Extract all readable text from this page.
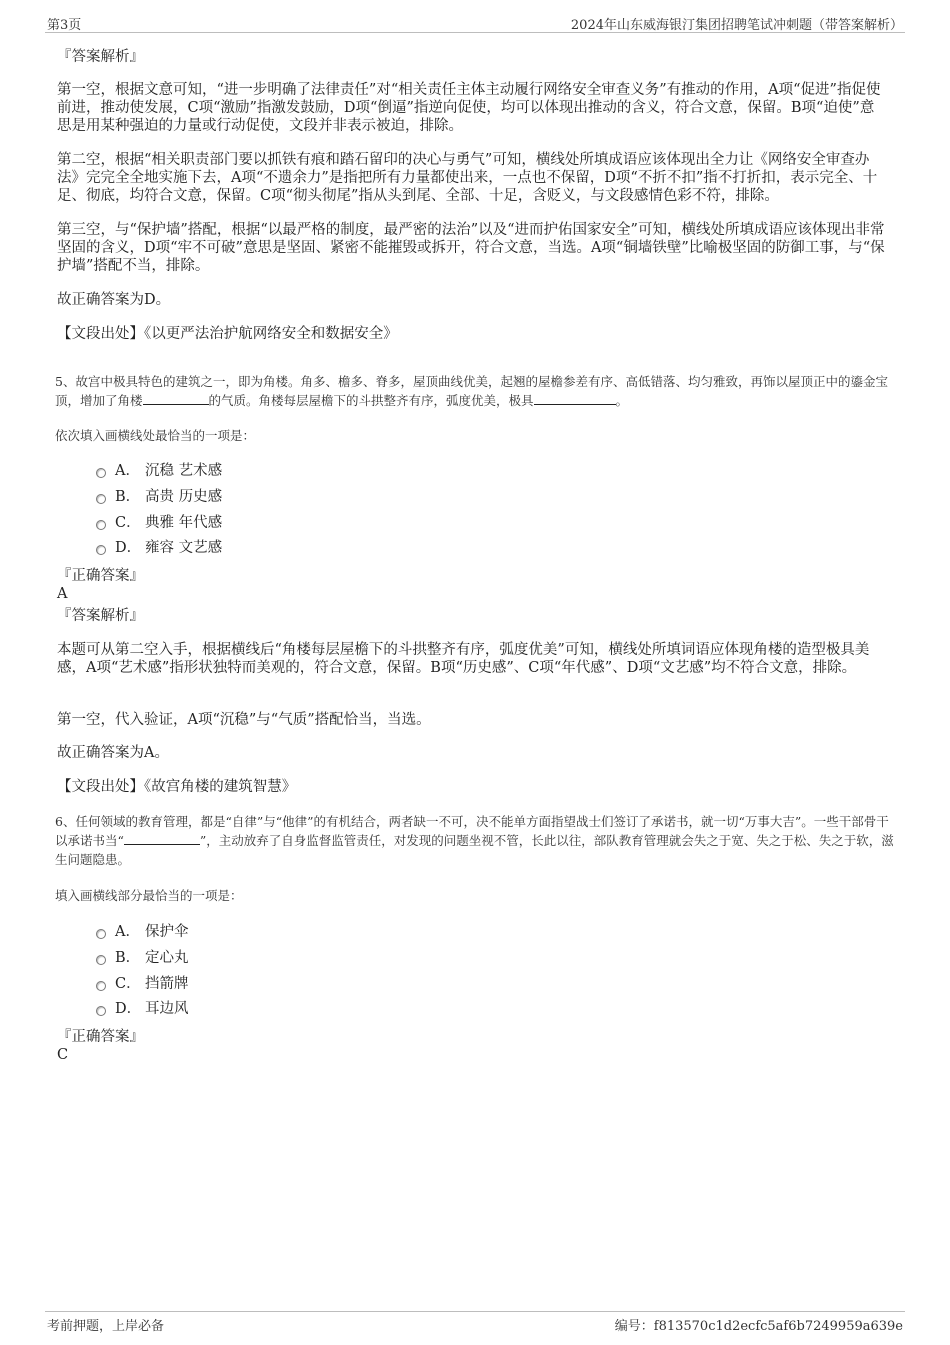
第3页	2024年山东威海银汀集团招聘笔试冲刺题（带答案解析）

『答案解析』

第一空，根据文意可知，“进一步明确了法律责任”对“相关责任主体主动履行网络安全审查义务”有推动的作用，A项“促进”指促使前进，推动使发展，C项“激励”指激发鼓励，D项“倒逼”指逆向促使，均可以体现出推动的含义，符合文意，保留。B项“迫使”意思是用某种强迫的力量或行动促使，文段并非表示被迫，排除。

第二空，根据“相关职责部门要以抓铁有痕和踏石留印的决心与勇气”可知，横线处所填成语应该体现出全力让《网络安全审查办法》完完全全地实施下去，A项“不遗余力”是指把所有力量都使出来，一点也不保留，D项“不折不扣”指不打折扣，表示完全、十足、彻底，均符合文意，保留。C项“彻头彻尾”指从头到尾、全部、十足，含贬义，与文段感情色彩不符，排除。

第三空，与“保护墙”搭配，根据“以最严格的制度，最严密的法治”以及“进而护佑国家安全”可知，横线处所填成语应该体现出非常坚固的含义，D项“牢不可破”意思是坚固、紧密不能摧毁或拆开，符合文意，当选。A项“铜墙铁壁”比喻极坚固的防御工事，与“保护墙”搭配不当，排除。

故正确答案为D。

【文段出处】《以更严法治护航网络安全和数据安全》

5、故宫中极具特色的建筑之一，即为角楼。角多、檐多、脊多，屋顶曲线优美，起翘的屋檐参差有序、高低错落、均匀雅致，再饰以屋顶正中的鎏金宝顶，增加了角楼	的气质。角楼每层屋檐下的斗拱整齐有序，弧度优美，极具	。

依次填入画横线处最恰当的一项是：

A． 沉稳 艺术感
B． 高贵 历史感
C． 典雅 年代感
D． 雍容 文艺感

『正确答案』

A

『答案解析』

本题可从第二空入手，根据横线后“角楼每层屋檐下的斗拱整齐有序，弧度优美”可知，横线处所填词语应体现角楼的造型极具美感，A项“艺术感”指形状独特而美观的，符合文意，保留。B项“历史感”、C项“年代感”、D项“文艺感”均不符合文意，排除。

第一空，代入验证，A项“沉稳”与“气质”搭配恰当，当选。

故正确答案为A。

【文段出处】《故宫角楼的建筑智慧》

6、任何领域的教育管理，都是“自律”与“他律”的有机结合，两者缺一不可，决不能单方面指望战士们签订了承诺书，就一切“万事大吉”。一些干部骨干以承诺书当“	”，主动放弃了自身监督监管责任，对发现的问题坐视不管，长此以往，部队教育管理就会失之于宽、失之于松、失之于软，滋生问题隐患。

填入画横线部分最恰当的一项是：

A． 保护伞
B． 定心丸
C． 挡箭牌
D． 耳边风

『正确答案』

C

考前押题，上岸必备	编号：f813570c1d2ecfc5af6b7249959a639e
